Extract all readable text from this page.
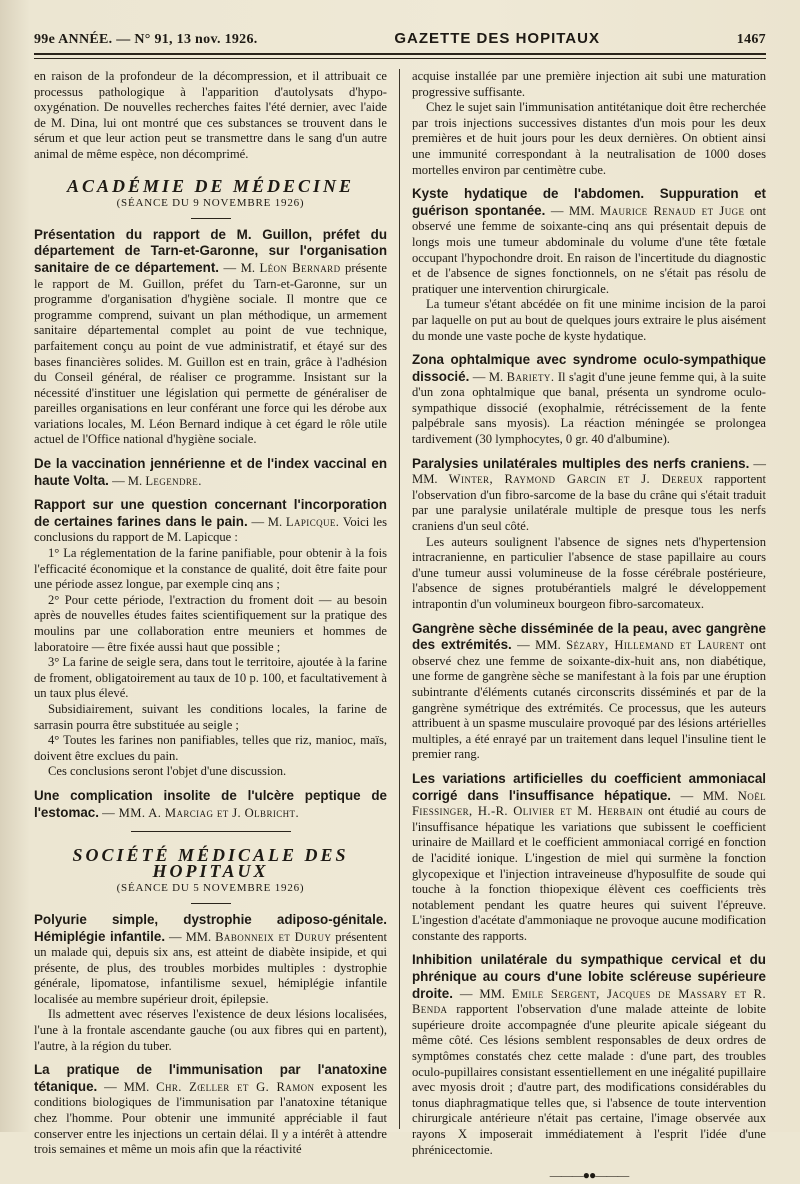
99e ANNÉE. — N° 91, 13 nov. 1926.	GAZETTE DES HOPITAUX	1467

en raison de la profondeur de la décompression, et il attribuait ce processus pathologique à l'apparition d'autolysats d'hypo-oxygénation. De nouvelles recherches faites l'été dernier, avec l'aide de M. Dina, lui ont montré que ces substances se trouvent dans le sérum et que leur action peut se transmettre dans le sang d'un autre animal de même espèce, non décomprimé.

ACADÉMIE DE MÉDECINE
(SÉANCE DU 9 NOVEMBRE 1926)
Présentation du rapport de M. Guillon, préfet du département de Tarn-et-Garonne, sur l'organisation sanitaire de ce département. — M. Léon Bernard présente le rapport de M. Guillon, préfet du Tarn-et-Garonne, sur un programme d'organisation d'hygiène sociale. Il montre que ce programme comprend, suivant un plan méthodique, un armement sanitaire départemental complet au point de vue technique, parfaitement conçu au point de vue administratif, et étayé sur des bases financières solides. M. Guillon est en train, grâce à l'adhésion du Conseil général, de réaliser ce programme. Insistant sur la nécessité d'instituer une législation qui permette de généraliser de pareilles organisations en leur conférant une force qui les dérobe aux variations locales, M. Léon Bernard indique à cet égard le rôle utile actuel de l'Office national d'hygiène sociale.
De la vaccination jennérienne et de l'index vaccinal en haute Volta. — M. Legendre.
Rapport sur une question concernant l'incorporation de certaines farines dans le pain. — M. Lapicque. Voici les conclusions du rapport de M. Lapicque :

1° La réglementation de la farine panifiable, pour obtenir à la fois l'efficacité économique et la constance de qualité, doit être faite pour une période assez longue, par exemple cinq ans ;

2° Pour cette période, l'extraction du froment doit — au besoin après de nouvelles études faites scientifiquement sur la pratique des moulins par une collaboration entre meuniers et hommes de laboratoire — être fixée aussi haut que possible ;

3° La farine de seigle sera, dans tout le territoire, ajoutée à la farine de froment, obligatoirement au taux de 10 p. 100, et facultativement à un taux plus élevé.

Subsidiairement, suivant les conditions locales, la farine de sarrasin pourra être substituée au seigle ;

4° Toutes les farines non panifiables, telles que riz, manioc, maïs, doivent être exclues du pain.

Ces conclusions seront l'objet d'une discussion.

Une complication insolite de l'ulcère peptique de l'estomac. — MM. A. Marciag et J. Olbricht.
SOCIÉTÉ MÉDICALE DES HOPITAUX
(SÉANCE DU 5 NOVEMBRE 1926)
Polyurie simple, dystrophie adiposo-génitale. Hémiplégie infantile. — MM. Babonneix et Duruy présentent un malade qui, depuis six ans, est atteint de diabète insipide, et qui présente, de plus, des troubles morbides multiples : dystrophie générale, lipomatose, infantilisme sexuel, hémiplégie infantile localisée au membre supérieur droit, épilepsie.

Ils admettent avec réserves l'existence de deux lésions localisées, l'une à la frontale ascendante gauche (ou aux fibres qui en partent), l'autre, à la région du tuber.

La pratique de l'immunisation par l'anatoxine tétanique. — MM. Chr. Zœller et G. Ramon exposent les conditions biologiques de l'immunisation par l'anatoxine tétanique chez l'homme. Pour obtenir une immunité appréciable il faut conserver entre les injections un certain délai. Il y a intérêt à attendre trois semaines et même un mois afin que la réactivité

acquise installée par une première injection ait subi une maturation progressive suffisante.

Chez le sujet sain l'immunisation antitétanique doit être recherchée par trois injections successives distantes d'un mois pour les deux premières et de huit jours pour les deux dernières. On obtient ainsi une immunité correspondant à la neutralisation de 1000 doses mortelles environ par centimètre cube.

Kyste hydatique de l'abdomen. Suppuration et guérison spontanée. — MM. Maurice Renaud et Juge ont observé une femme de soixante-cinq ans qui présentait depuis de longs mois une tumeur abdominale du volume d'une tête fœtale occupant l'hypochondre droit. En raison de l'incertitude du diagnostic et de l'absence de signes fonctionnels, on ne s'était pas résolu de pratiquer une intervention chirurgicale.

La tumeur s'étant abcédée on fit une minime incision de la paroi par laquelle on put au bout de quelques jours extraire le plus aisément du monde une vaste poche de kyste hydatique.

Zona ophtalmique avec syndrome oculo-sympathique dissocié. — M. Bariety. Il s'agit d'une jeune femme qui, à la suite d'un zona ophtalmique que banal, présenta un syndrome oculo-sympathique dissocié (exophalmie, rétrécissement de la fente palpébrale sans myosis). La réaction méningée se prolongea tardivement (30 lymphocytes, 0 gr. 40 d'albumine).
Paralysies unilatérales multiples des nerfs craniens. — MM. Winter, Raymond Garcin et J. Dereux rapportent l'observation d'un fibro-sarcome de la base du crâne qui s'était traduit par une paralysie unilatérale multiple de presque tous les nerfs craniens d'un seul côté.

Les auteurs soulignent l'absence de signes nets d'hypertension intracranienne, en particulier l'absence de stase papillaire au cours d'une tumeur aussi volumineuse de la fosse cérébrale postérieure, l'absence de signes protubérantiels malgré le développement intrapontin d'un volumineux bourgeon fibro-sarcomateux.

Gangrène sèche disséminée de la peau, avec gangrène des extrémités. — MM. Sézary, Hillemand et Laurent ont observé chez une femme de soixante-dix-huit ans, non diabétique, une forme de gangrène sèche se manifestant à la fois par une éruption subintrante d'éléments cutanés circonscrits disséminés et par de la gangrène symétrique des extrémités. Ce processus, que les auteurs attribuent à un spasme musculaire provoqué par des lésions artérielles multiples, a été enrayé par un traitement dans lequel l'insuline tient le premier rang.
Les variations artificielles du coefficient ammoniacal corrigé dans l'insuffisance hépatique. — MM. Noël Fiessinger, H.-R. Olivier et M. Herbain ont étudié au cours de l'insuffisance hépatique les variations que subissent le coefficient urinaire de Maillard et le coefficient ammoniacal corrigé en fonction de l'acidité ionique. L'ingestion de miel qui surmène la fonction glycopexique et l'injection intraveineuse d'hyposulfite de soude qui touche à la fonction thiopexique élèvent ces coefficients très notablement pendant les quatre heures qui suivent l'épreuve. L'ingestion d'acétate d'ammoniaque ne provoque aucune modification constante des rapports.
Inhibition unilatérale du sympathique cervical et du phrénique au cours d'une lobite scléreuse supérieure droite. — MM. Emile Sergent, Jacques de Massary et R. Benda rapportent l'observation d'une malade atteinte de lobite supérieure droite accompagnée d'une pleurite apicale siégeant du même côté. Ces lésions semblent responsables de deux ordres de symptômes constatés chez cette malade : d'une part, des troubles oculo-pupillaires consistant essentiellement en une inégalité pupillaire avec myosis droit ; d'autre part, des modifications considérables du tonus diaphragmatique telles que, si l'absence de toute intervention chirurgicale antérieure n'était pas certaine, l'image observée aux rayons X imposerait immédiatement à l'esprit l'idée d'une phrénicectomie.
———●●———
